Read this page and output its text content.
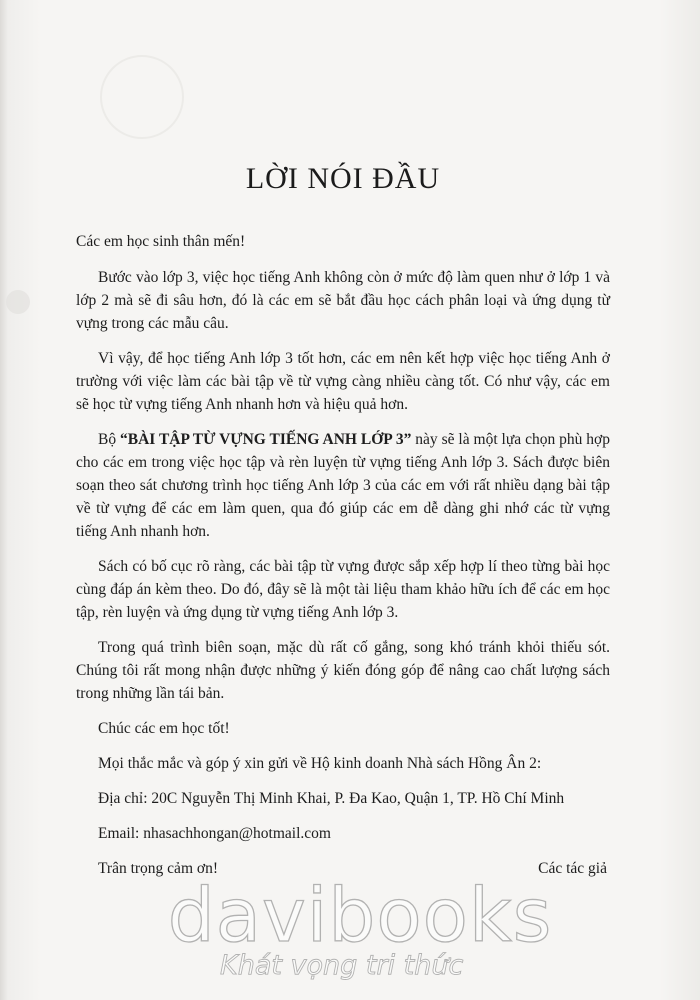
LỜI NÓI ĐẦU

Các em học sinh thân mến!

Bước vào lớp 3, việc học tiếng Anh không còn ở mức độ làm quen như ở lớp 1 và lớp 2 mà sẽ đi sâu hơn, đó là các em sẽ bắt đầu học cách phân loại và ứng dụng từ vựng trong các mẫu câu.

Vì vậy, để học tiếng Anh lớp 3 tốt hơn, các em nên kết hợp việc học tiếng Anh ở trường với việc làm các bài tập về từ vựng càng nhiều càng tốt. Có như vậy, các em sẽ học từ vựng tiếng Anh nhanh hơn và hiệu quả hơn.

Bộ “BÀI TẬP TỪ VỰNG TIẾNG ANH LỚP 3” này sẽ là một lựa chọn phù hợp cho các em trong việc học tập và rèn luyện từ vựng tiếng Anh lớp 3. Sách được biên soạn theo sát chương trình học tiếng Anh lớp 3 của các em với rất nhiều dạng bài tập về từ vựng để các em làm quen, qua đó giúp các em dễ dàng ghi nhớ các từ vựng tiếng Anh nhanh hơn.

Sách có bố cục rõ ràng, các bài tập từ vựng được sắp xếp hợp lí theo từng bài học cùng đáp án kèm theo. Do đó, đây sẽ là một tài liệu tham khảo hữu ích để các em học tập, rèn luyện và ứng dụng từ vựng tiếng Anh lớp 3.

Trong quá trình biên soạn, mặc dù rất cố gắng, song khó tránh khỏi thiếu sót. Chúng tôi rất mong nhận được những ý kiến đóng góp để nâng cao chất lượng sách trong những lần tái bản.

Chúc các em học tốt!

Mọi thắc mắc và góp ý xin gửi về Hộ kinh doanh Nhà sách Hồng Ân 2:

Địa chỉ: 20C Nguyễn Thị Minh Khai, P. Đa Kao, Quận 1, TP. Hồ Chí Minh

Email: nhasachhongan@hotmail.com

Trân trọng cảm ơn!	Các tác giả
davibooks
Khát vọng tri thức
